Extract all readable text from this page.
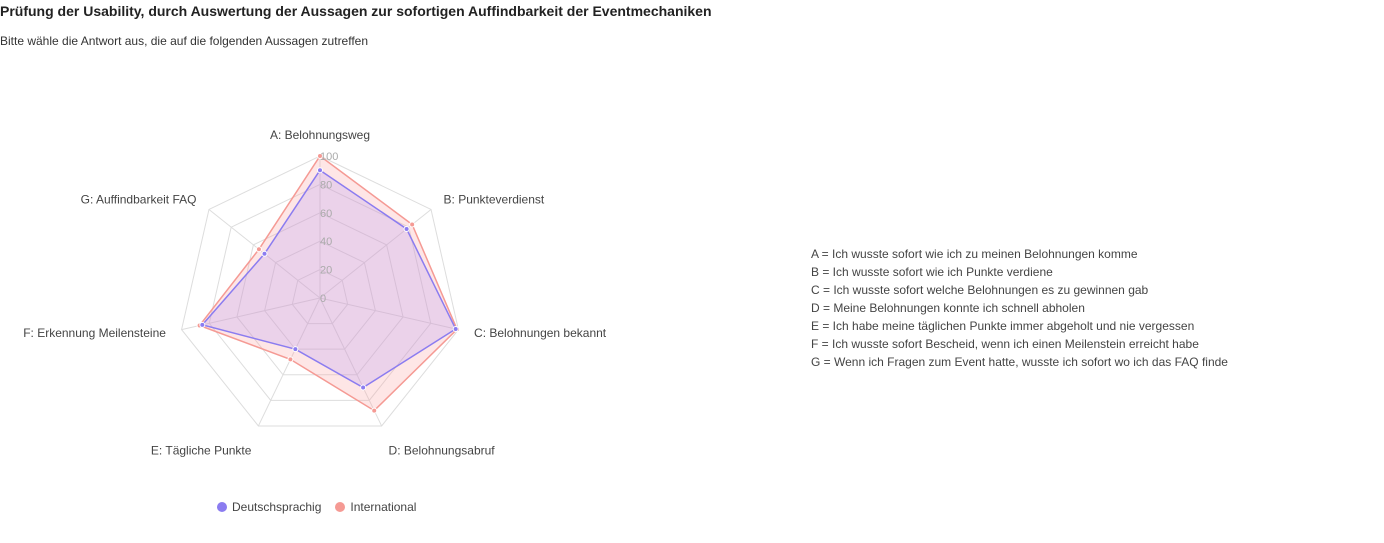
Prüfung der Usability, durch Auswertung der Aussagen zur sofortigen Auffindbarkeit der Eventmechaniken
Bitte wähle die Antwort aus, die auf die folgenden Aussagen zutreffen
0
20
40
60
80
100
A: Belohnungsweg
B: Punkteverdienst
C: Belohnungen bekannt
D: Belohnungsabruf
E: Tägliche Punkte
F: Erkennung Meilensteine
G: Auffindbarkeit FAQ
Deutschsprachig International
A = Ich wusste sofort wie ich zu meinen Belohnungen komme
B = Ich wusste sofort wie ich Punkte verdiene
C = Ich wusste sofort welche Belohnungen es zu gewinnen gab
D = Meine Belohnungen konnte ich schnell abholen
E = Ich habe meine täglichen Punkte immer abgeholt und nie vergessen
F = Ich wusste sofort Bescheid, wenn ich einen Meilenstein erreicht habe
G = Wenn ich Fragen zum Event hatte, wusste ich sofort wo ich das FAQ finde
